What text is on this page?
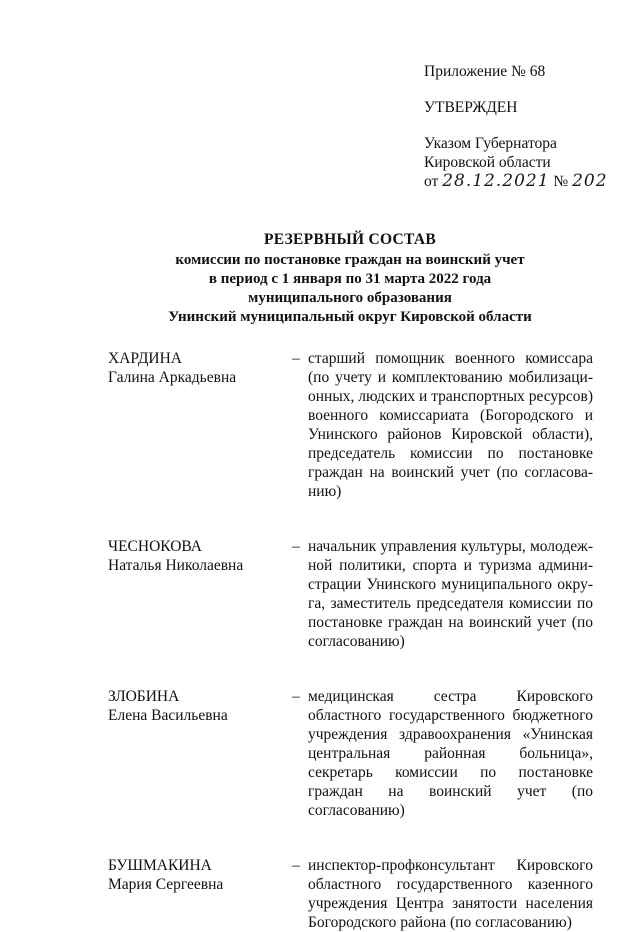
Приложение № 68
УТВЕРЖДЕН
Указом Губернатора
Кировской области
от 28.12.2021 № 202
РЕЗЕРВНЫЙ СОСТАВ
комиссии по постановке граждан на воинский учет
в период с 1 января по 31 марта 2022 года
муниципального образования
Унинский муниципальный округ Кировской области
ХАРДИНА
Галина Аркадьевна
– старший помощник военного комиссара (по учету и комплектованию мобилизационных, людских и транспортных ресурсов) военного комиссариата (Богородского и Унинского районов Кировской области), председатель комиссии по постановке граждан на воинский учет (по согласованию)
ЧЕСНОКОВА
Наталья Николаевна
– начальник управления культуры, молодежной политики, спорта и туризма администрации Унинского муниципального округа, заместитель председателя комиссии по постановке граждан на воинский учет (по согласованию)
ЗЛОБИНА
Елена Васильевна
– медицинская сестра Кировского областного государственного бюджетного учреждения здравоохранения «Унинская центральная районная больница», секретарь комиссии по постановке граждан на воинский учет (по согласованию)
БУШМАКИНА
Мария Сергеевна
– инспектор-профконсультант Кировского областного государственного казенного учреждения Центра занятости населения Богородского района (по согласованию)
